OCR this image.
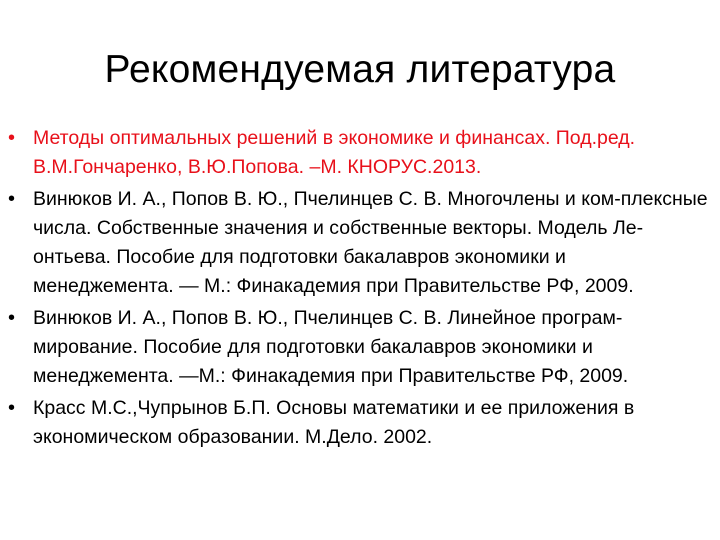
Рекомендуемая литература
• Методы оптимальных решений в экономике и финансах. Под.ред. В.М.Гончаренко, В.Ю.Попова. –М. КНОРУС.2013.
• Винюков И. А., Попов В. Ю., Пчелинцев С. В. Многочлены и ком-плексные числа. Собственные значения и собственные векторы. Модель Ле-онтьева. Пособие для подготовки бакалавров экономики и менеджемента. — М.: Финакадемия при Правительстве РФ, 2009.
• Винюков И. А., Попов В. Ю., Пчелинцев С. В. Линейное програм-мирование. Пособие для подготовки бакалавров экономики и менеджемента. —М.: Финакадемия при Правительстве РФ, 2009.
• Красс М.С.,Чупрынов Б.П. Основы математики и ее приложения в экономическом образовании. М.Дело. 2002.
